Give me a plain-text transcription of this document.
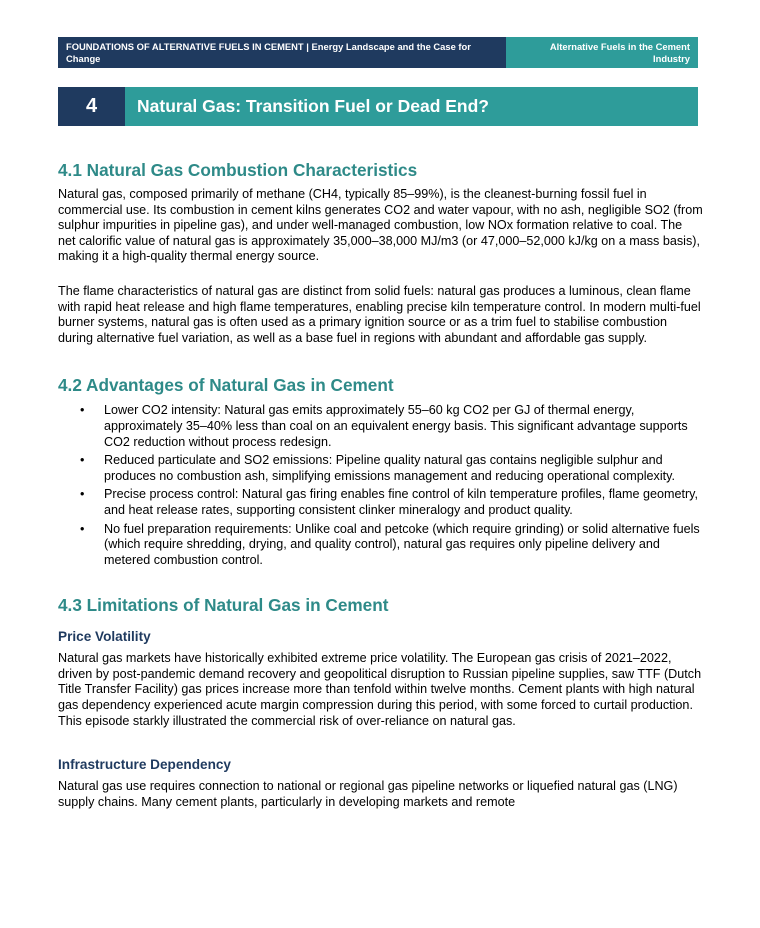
FOUNDATIONS OF ALTERNATIVE FUELS IN CEMENT | Energy Landscape and the Case for Change
Alternative Fuels in the Cement Industry
4	Natural Gas: Transition Fuel or Dead End?
4.1 Natural Gas Combustion Characteristics

Natural gas, composed primarily of methane (CH4, typically 85–99%), is the cleanest-burning fossil fuel in commercial use. Its combustion in cement kilns generates CO2 and water vapour, with no ash, negligible SO2 (from sulphur impurities in pipeline gas), and under well-managed combustion, low NOx formation relative to coal. The net calorific value of natural gas is approximately 35,000–38,000 MJ/m3 (or 47,000–52,000 kJ/kg on a mass basis), making it a high-quality thermal energy source.

The flame characteristics of natural gas are distinct from solid fuels: natural gas produces a luminous, clean flame with rapid heat release and high flame temperatures, enabling precise kiln temperature control. In modern multi-fuel burner systems, natural gas is often used as a primary ignition source or as a trim fuel to stabilise combustion during alternative fuel variation, as well as a base fuel in regions with abundant and affordable gas supply.

4.2 Advantages of Natural Gas in Cement
• Lower CO2 intensity: Natural gas emits approximately 55–60 kg CO2 per GJ of thermal energy, approximately 35–40% less than coal on an equivalent energy basis. This significant advantage supports CO2 reduction without process redesign.
• Reduced particulate and SO2 emissions: Pipeline quality natural gas contains negligible sulphur and produces no combustion ash, simplifying emissions management and reducing operational complexity.
• Precise process control: Natural gas firing enables fine control of kiln temperature profiles, flame geometry, and heat release rates, supporting consistent clinker mineralogy and product quality.
• No fuel preparation requirements: Unlike coal and petcoke (which require grinding) or solid alternative fuels (which require shredding, drying, and quality control), natural gas requires only pipeline delivery and metered combustion control.
4.3 Limitations of Natural Gas in Cement
Price Volatility

Natural gas markets have historically exhibited extreme price volatility. The European gas crisis of 2021–2022, driven by post-pandemic demand recovery and geopolitical disruption to Russian pipeline supplies, saw TTF (Dutch Title Transfer Facility) gas prices increase more than tenfold within twelve months. Cement plants with high natural gas dependency experienced acute margin compression during this period, with some forced to curtail production. This episode starkly illustrated the commercial risk of over-reliance on natural gas.

Infrastructure Dependency

Natural gas use requires connection to national or regional gas pipeline networks or liquefied natural gas (LNG) supply chains. Many cement plants, particularly in developing markets and remote
